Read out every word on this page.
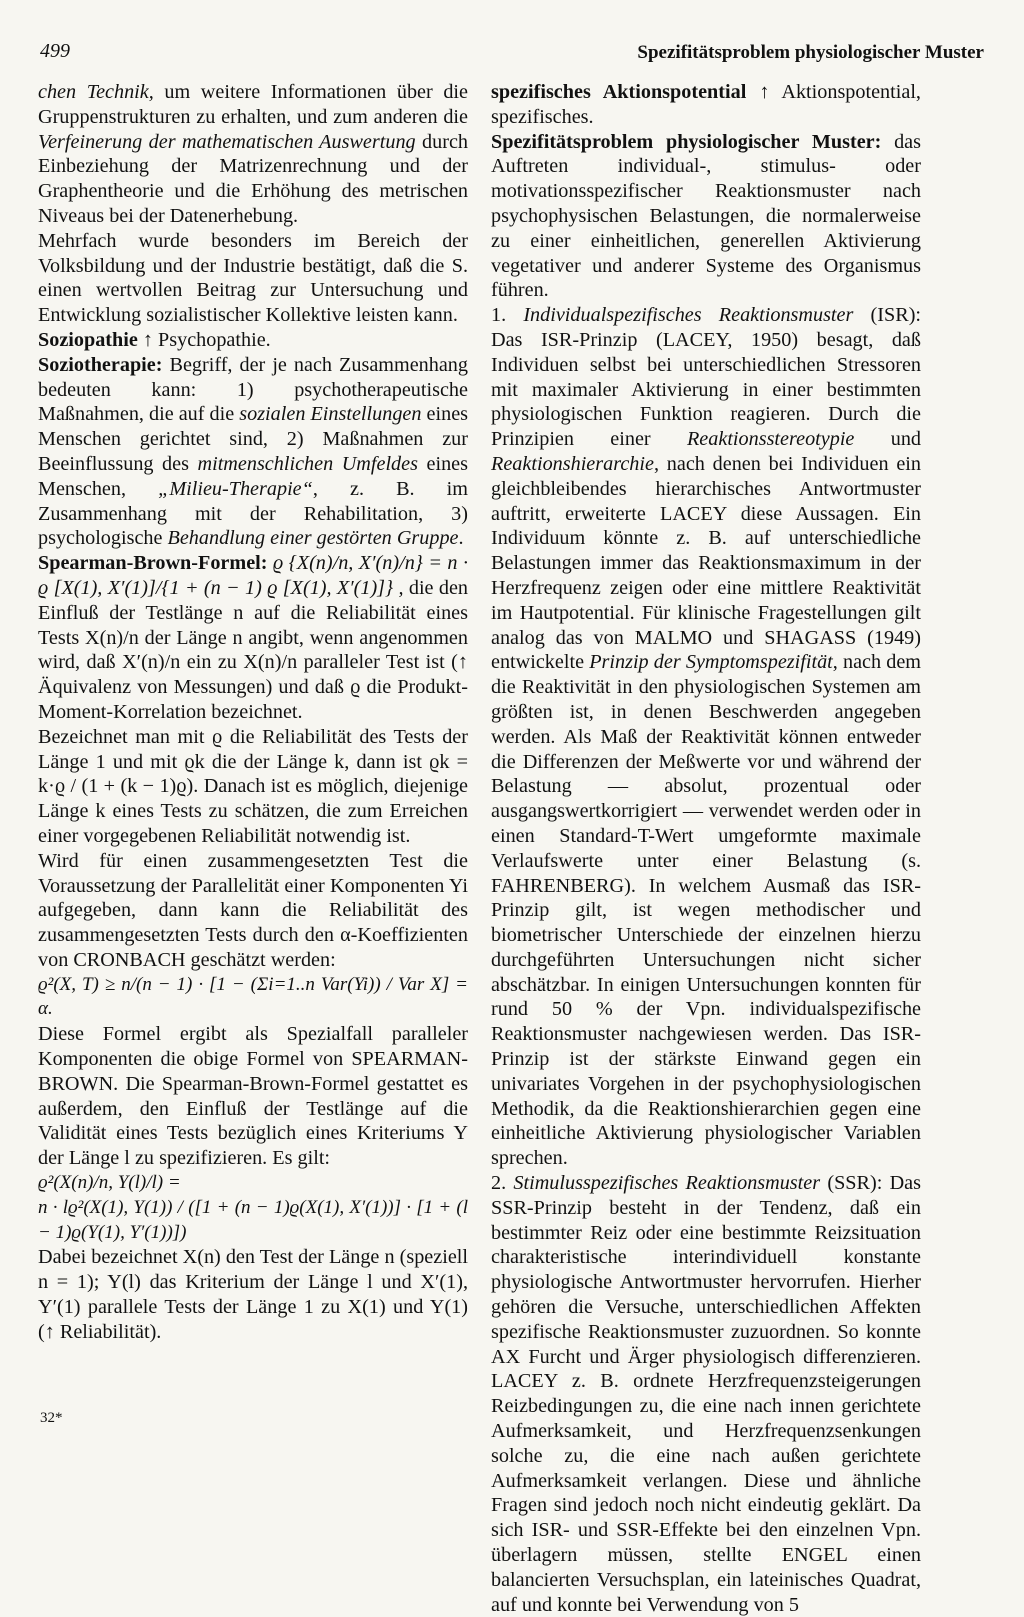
499	Spezifitätsproblem physiologischer Muster

chen Technik, um weitere Informationen über die Gruppenstrukturen zu erhalten, und zum anderen die Verfeinerung der mathematischen Auswertung durch Einbeziehung der Matrizenrechnung und der Graphentheorie und die Erhöhung des metrischen Niveaus bei der Datenerhebung.

Mehrfach wurde besonders im Bereich der Volksbildung und der Industrie bestätigt, daß die S. einen wertvollen Beitrag zur Untersuchung und Entwicklung sozialistischer Kollektive leisten kann.

Soziopathie ↑ Psychopathie.

Soziotherapie: Begriff, der je nach Zusammenhang bedeuten kann: 1) psychotherapeutische Maßnahmen, die auf die sozialen Einstellungen eines Menschen gerichtet sind, 2) Maßnahmen zur Beeinflussung des mitmenschlichen Umfeldes eines Menschen, „Milieu-Therapie“, z. B. im Zusammenhang mit der Rehabilitation, 3) psychologische Behandlung einer gestörten Gruppe.

Spearman-Brown-Formel: ϱ {X(n)/n, X′(n)/n} = n · ϱ [X(1), X′(1)]/{1 + (n − 1) ϱ [X(1), X′(1)]} , die den Einfluß der Testlänge n auf die Reliabilität eines Tests X(n)/n der Länge n angibt, wenn angenommen wird, daß X′(n)/n ein zu X(n)/n paralleler Test ist (↑ Äquivalenz von Messungen) und daß ϱ die Produkt-Moment-Korrelation bezeichnet.

Bezeichnet man mit ϱ die Reliabilität des Tests der Länge 1 und mit ϱk die der Länge k, dann ist ϱk = k·ϱ / (1 + (k − 1)ϱ). Danach ist es möglich, diejenige Länge k eines Tests zu schätzen, die zum Erreichen einer vorgegebenen Reliabilität notwendig ist.

Wird für einen zusammengesetzten Test die Voraussetzung der Parallelität einer Komponenten Yi aufgegeben, dann kann die Reliabilität des zusammengesetzten Tests durch den α-Koeffizienten von CRONBACH geschätzt werden:

ϱ²(X, T) ≥ n/(n − 1) · [1 − (Σi=1..n Var(Yi)) / Var X] = α.

Diese Formel ergibt als Spezialfall paralleler Komponenten die obige Formel von SPEARMAN-BROWN. Die Spearman-Brown-Formel gestattet es außerdem, den Einfluß der Testlänge auf die Validität eines Tests bezüglich eines Kriteriums Y der Länge l zu spezifizieren. Es gilt:

ϱ²(X(n)/n, Y(l)/l) =

n · lϱ²(X(1), Y(1)) / ([1 + (n − 1)ϱ(X(1), X′(1))] · [1 + (l − 1)ϱ(Y(1), Y′(1))])

Dabei bezeichnet X(n) den Test der Länge n (speziell n = 1); Y(l) das Kriterium der Länge l und X′(1), Y′(1) parallele Tests der Länge 1 zu X(1) und Y(1) (↑ Reliabilität).

spezifisches Aktionspotential ↑ Aktionspotential, spezifisches.

Spezifitätsproblem physiologischer Muster: das Auftreten individual-, stimulus- oder motivationsspezifischer Reaktionsmuster nach psychophysischen Belastungen, die normalerweise zu einer einheitlichen, generellen Aktivierung vegetativer und anderer Systeme des Organismus führen.

1. Individualspezifisches Reaktionsmuster (ISR): Das ISR-Prinzip (LACEY, 1950) besagt, daß Individuen selbst bei unterschiedlichen Stressoren mit maximaler Aktivierung in einer bestimmten physiologischen Funktion reagieren. Durch die Prinzipien einer Reaktionsstereotypie und Reaktionshierarchie, nach denen bei Individuen ein gleichbleibendes hierarchisches Antwortmuster auftritt, erweiterte LACEY diese Aussagen. Ein Individuum könnte z. B. auf unterschiedliche Belastungen immer das Reaktionsmaximum in der Herzfrequenz zeigen oder eine mittlere Reaktivität im Hautpotential. Für klinische Fragestellungen gilt analog das von MALMO und SHAGASS (1949) entwickelte Prinzip der Symptomspezifität, nach dem die Reaktivität in den physiologischen Systemen am größten ist, in denen Beschwerden angegeben werden. Als Maß der Reaktivität können entweder die Differenzen der Meßwerte vor und während der Belastung — absolut, prozentual oder ausgangswertkorrigiert — verwendet werden oder in einen Standard-T-Wert umgeformte maximale Verlaufswerte unter einer Belastung (s. FAHRENBERG). In welchem Ausmaß das ISR-Prinzip gilt, ist wegen methodischer und biometrischer Unterschiede der einzelnen hierzu durchgeführten Untersuchungen nicht sicher abschätzbar. In einigen Untersuchungen konnten für rund 50 % der Vpn. individualspezifische Reaktionsmuster nachgewiesen werden. Das ISR-Prinzip ist der stärkste Einwand gegen ein univariates Vorgehen in der psychophysiologischen Methodik, da die Reaktionshierarchien gegen eine einheitliche Aktivierung physiologischer Variablen sprechen.

2. Stimulusspezifisches Reaktionsmuster (SSR): Das SSR-Prinzip besteht in der Tendenz, daß ein bestimmter Reiz oder eine bestimmte Reizsituation charakteristische interindividuell konstante physiologische Antwortmuster hervorrufen. Hierher gehören die Versuche, unterschiedlichen Affekten spezifische Reaktionsmuster zuzuordnen. So konnte AX Furcht und Ärger physiologisch differenzieren. LACEY z. B. ordnete Herzfrequenzsteigerungen Reizbedingungen zu, die eine nach innen gerichtete Aufmerksamkeit, und Herzfrequenzsenkungen solche zu, die eine nach außen gerichtete Aufmerksamkeit verlangen. Diese und ähnliche Fragen sind jedoch noch nicht eindeutig geklärt. Da sich ISR- und SSR-Effekte bei den einzelnen Vpn. überlagern müssen, stellte ENGEL einen balancierten Versuchsplan, ein lateinisches Quadrat, auf und konnte bei Verwendung von 5

32*
